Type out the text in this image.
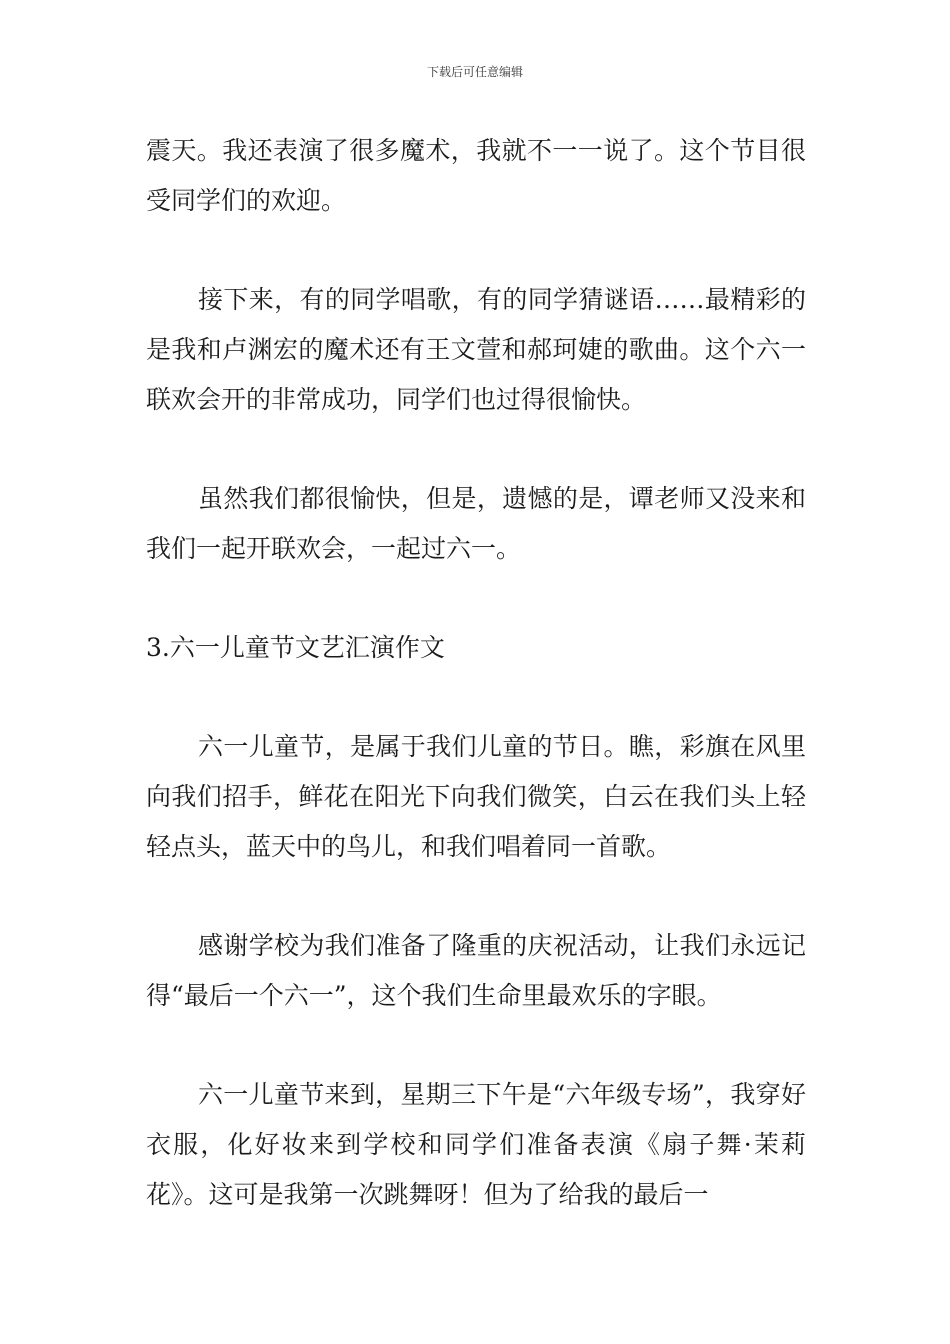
下载后可任意编辑

震天。我还表演了很多魔术，我就不一一说了。这个节目很受同学们的欢迎。

接下来，有的同学唱歌，有的同学猜谜语……最精彩的是我和卢渊宏的魔术还有王文萱和郝珂婕的歌曲。这个六一联欢会开的非常成功，同学们也过得很愉快。

虽然我们都很愉快，但是，遗憾的是，谭老师又没来和我们一起开联欢会，一起过六一。

3.六一儿童节文艺汇演作文

六一儿童节，是属于我们儿童的节日。瞧，彩旗在风里向我们招手，鲜花在阳光下向我们微笑，白云在我们头上轻轻点头，蓝天中的鸟儿，和我们唱着同一首歌。

感谢学校为我们准备了隆重的庆祝活动，让我们永远记得“最后一个六一”，这个我们生命里最欢乐的字眼。

六一儿童节来到，星期三下午是“六年级专场”，我穿好衣服，化好妆来到学校和同学们准备表演《扇子舞·茉莉花》。这可是我第一次跳舞呀！但为了给我的最后一
